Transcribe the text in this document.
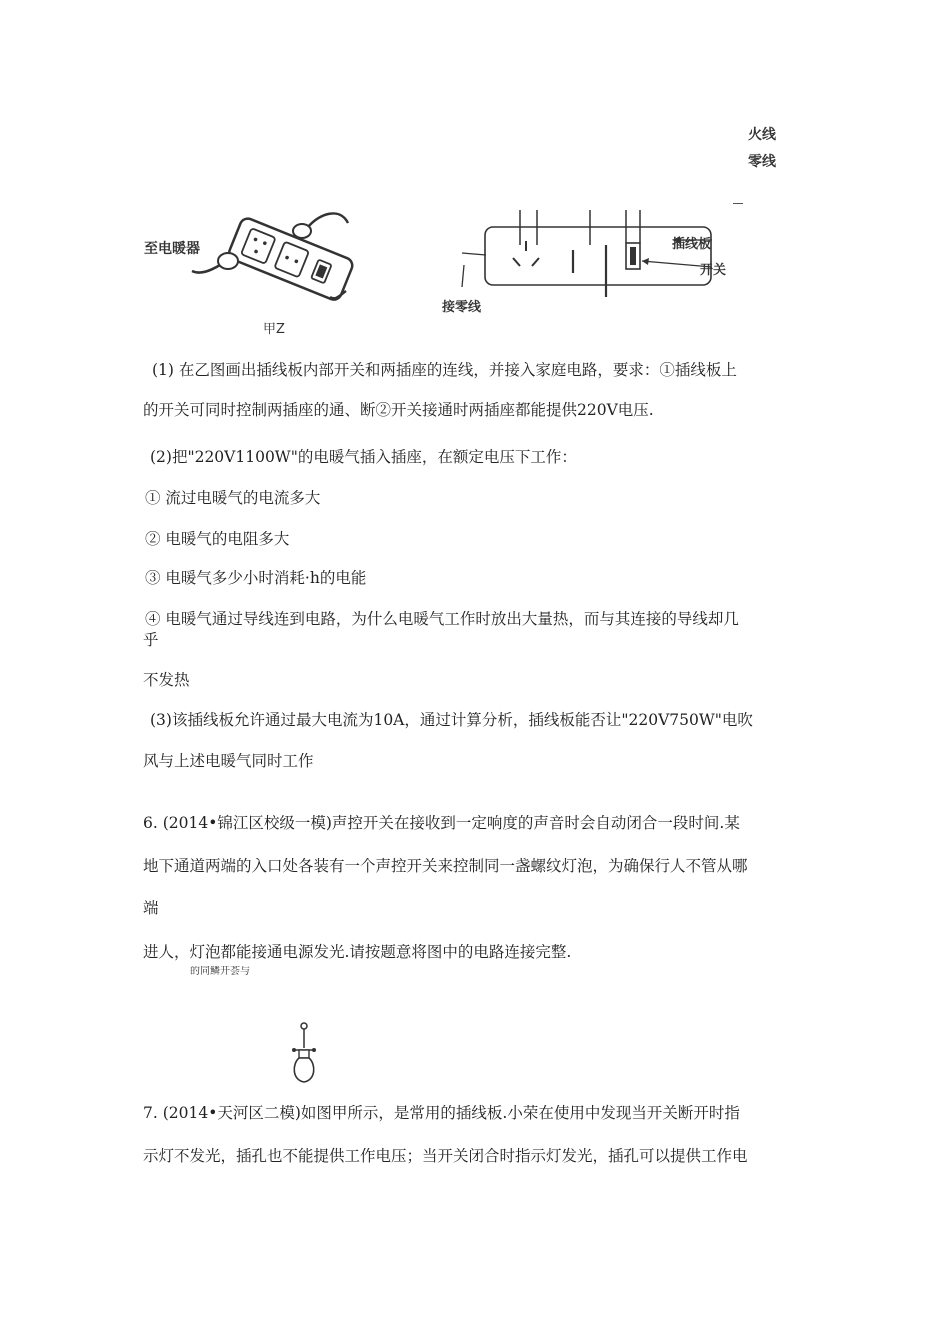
火线
零线
至电暖器
甲Z
插线板
开关
接零线
(1) 在乙图画出插线板内部开关和两插座的连线，并接入家庭电路，要求：①插线板上
的开关可同时控制两插座的通、断②开关接通时两插座都能提供220V电压.
(2)把"220V1100W"的电暖气插入插座，在额定电压下工作：
① 流过电暖气的电流多大
② 电暖气的电阻多大
③ 电暖气多少小时消耗·h的电能
④ 电暖气通过导线连到电路，为什么电暖气工作时放出大量热，而与其连接的导线却几
乎
不发热
(3)该插线板允许通过最大电流为10A，通过计算分析，插线板能否让"220V750W"电吹
风与上述电暖气同时工作
6. (2014•锦江区校级一模)声控开关在接收到一定响度的声音时会自动闭合一段时间.某
地下通道两端的入口处各装有一个声控开关来控制同一盏螺纹灯泡，为确保行人不管从哪
端
进人，灯泡都能接通电源发光.请按题意将图中的电路连接完整.
的同鳞开荟与
7. (2014•天河区二模)如图甲所示，是常用的插线板.小荣在使用中发现当开关断开时指
示灯不发光，插孔也不能提供工作电压；当开关闭合时指示灯发光，插孔可以提供工作电
